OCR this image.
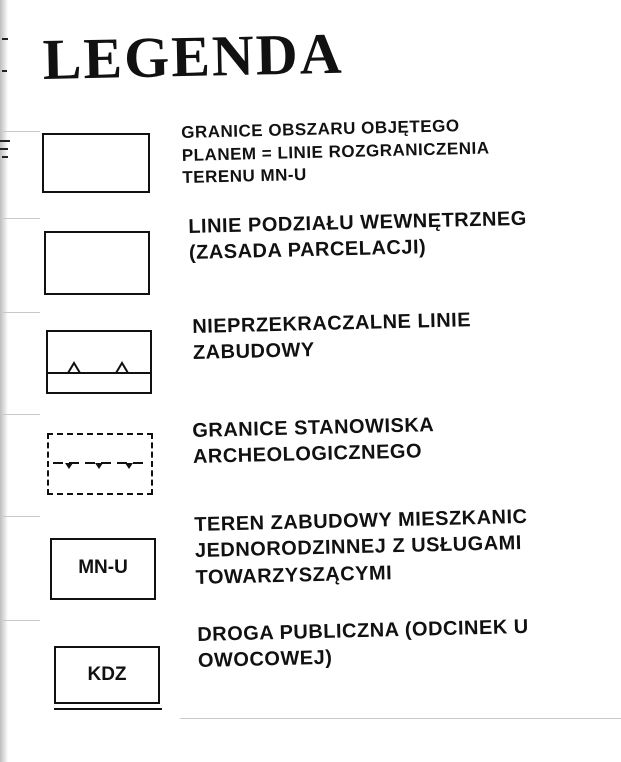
LEGENDA

GRANICE OBSZARU OBJĘTEGO
PLANEM = LINIE ROZGRANICZENIA
TERENU MN-U

LINIE PODZIAŁU WEWNĘTRZNEG
(ZASADA PARCELACJI)

NIEPRZEKRACZALNE LINIE
ZABUDOWY

GRANICE STANOWISKA
ARCHEOLOGICZNEGO

MN-U

TEREN ZABUDOWY MIESZKANIC
JEDNORODZINNEJ Z USŁUGAMI
TOWARZYSZĄCYMI

KDZ

DROGA PUBLICZNA (ODCINEK U
OWOCOWEJ)
